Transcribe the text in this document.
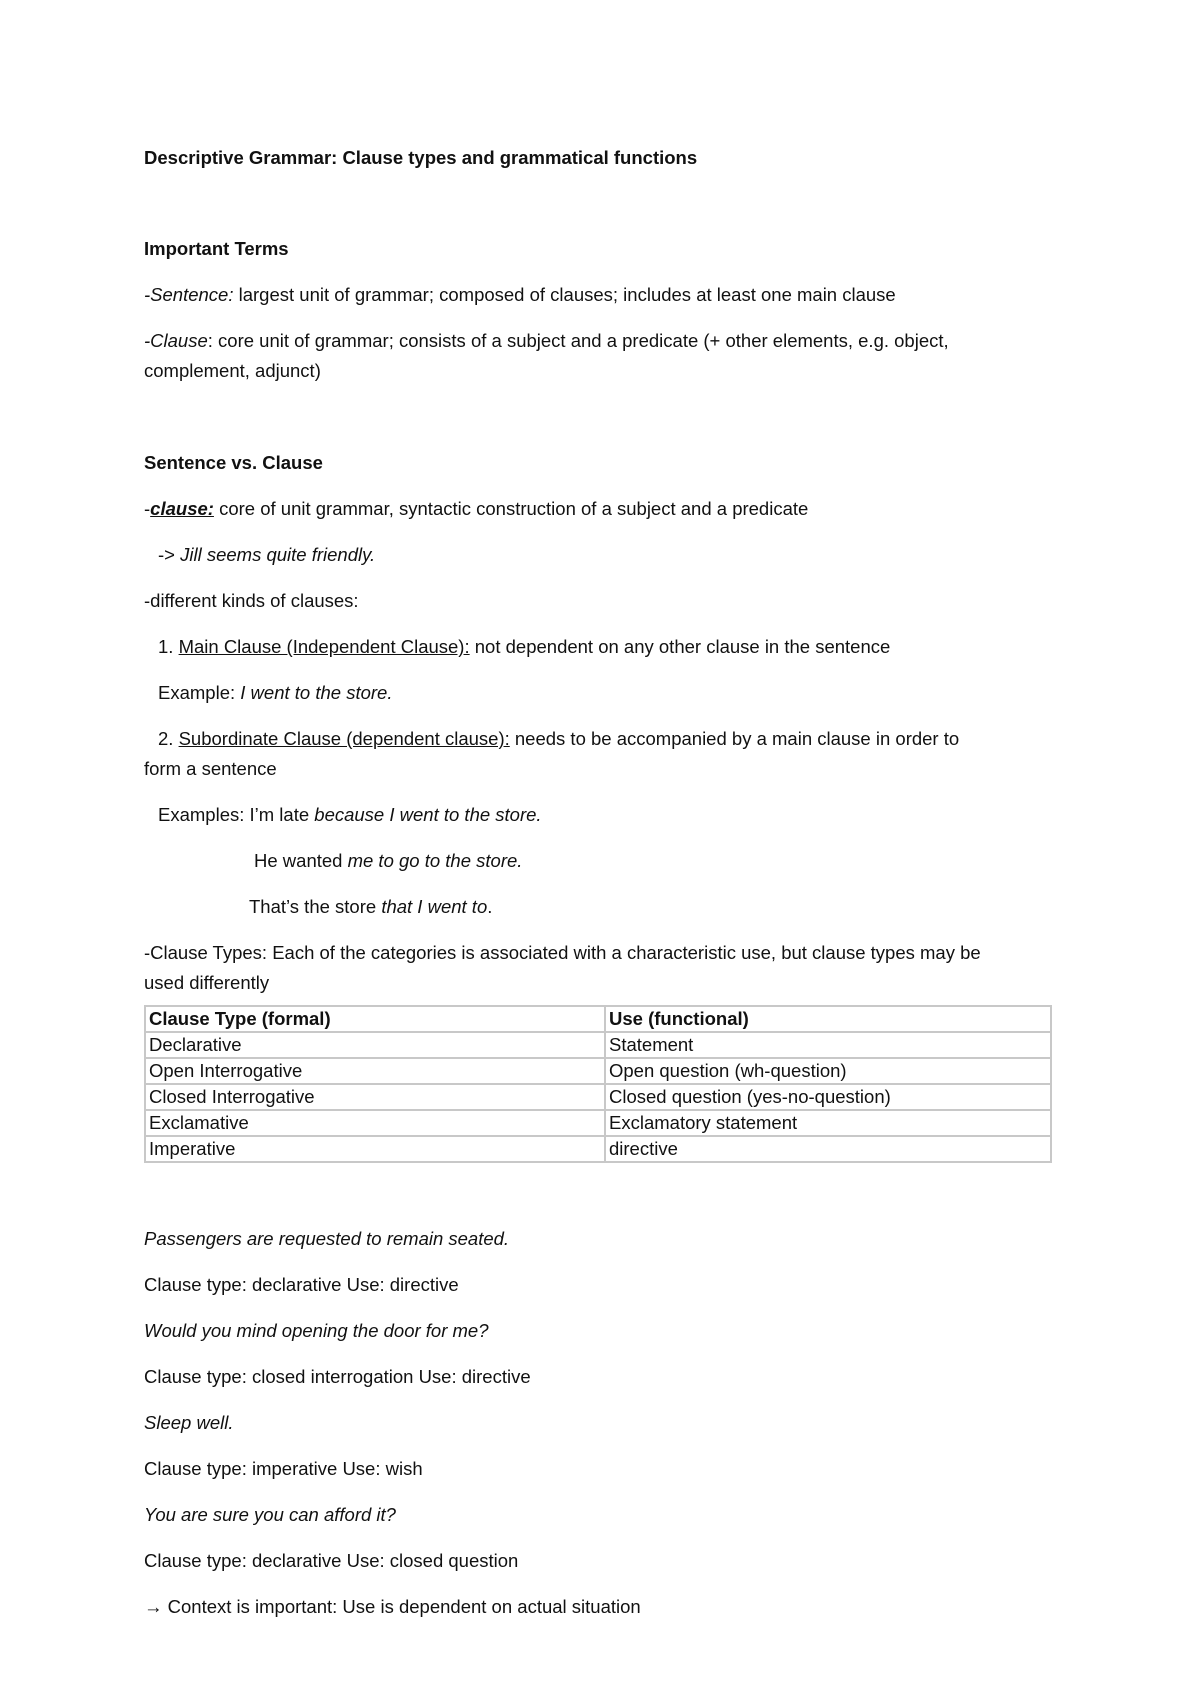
Descriptive Grammar: Clause types and grammatical functions
Important Terms
-Sentence: largest unit of grammar; composed of clauses; includes at least one main clause
-Clause: core unit of grammar; consists of a subject and a predicate (+ other elements, e.g. object,
complement, adjunct)
Sentence vs. Clause
-clause: core of unit grammar, syntactic construction of a subject and a predicate
-> Jill seems quite friendly.
-different kinds of clauses:
1. Main Clause (Independent Clause): not dependent on any other clause in the sentence
Example: I went to the store.
2. Subordinate Clause (dependent clause): needs to be accompanied by a main clause in order to
form a sentence
Examples: I’m late because I went to the store.
He wanted me to go to the store.
That’s the store that I went to.
-Clause Types: Each of the categories is associated with a characteristic use, but clause types may be
used differently
Clause Type (formal)	Use (functional)
Declarative	Statement
Open Interrogative	Open question (wh-question)
Closed Interrogative	Closed question (yes-no-question)
Exclamative	Exclamatory statement
Imperative	directive
Passengers are requested to remain seated.
Clause type: declarative Use: directive
Would you mind opening the door for me?
Clause type: closed interrogation Use: directive
Sleep well.
Clause type: imperative Use: wish
You are sure you can afford it?
Clause type: declarative Use: closed question
→ Context is important: Use is dependent on actual situation
